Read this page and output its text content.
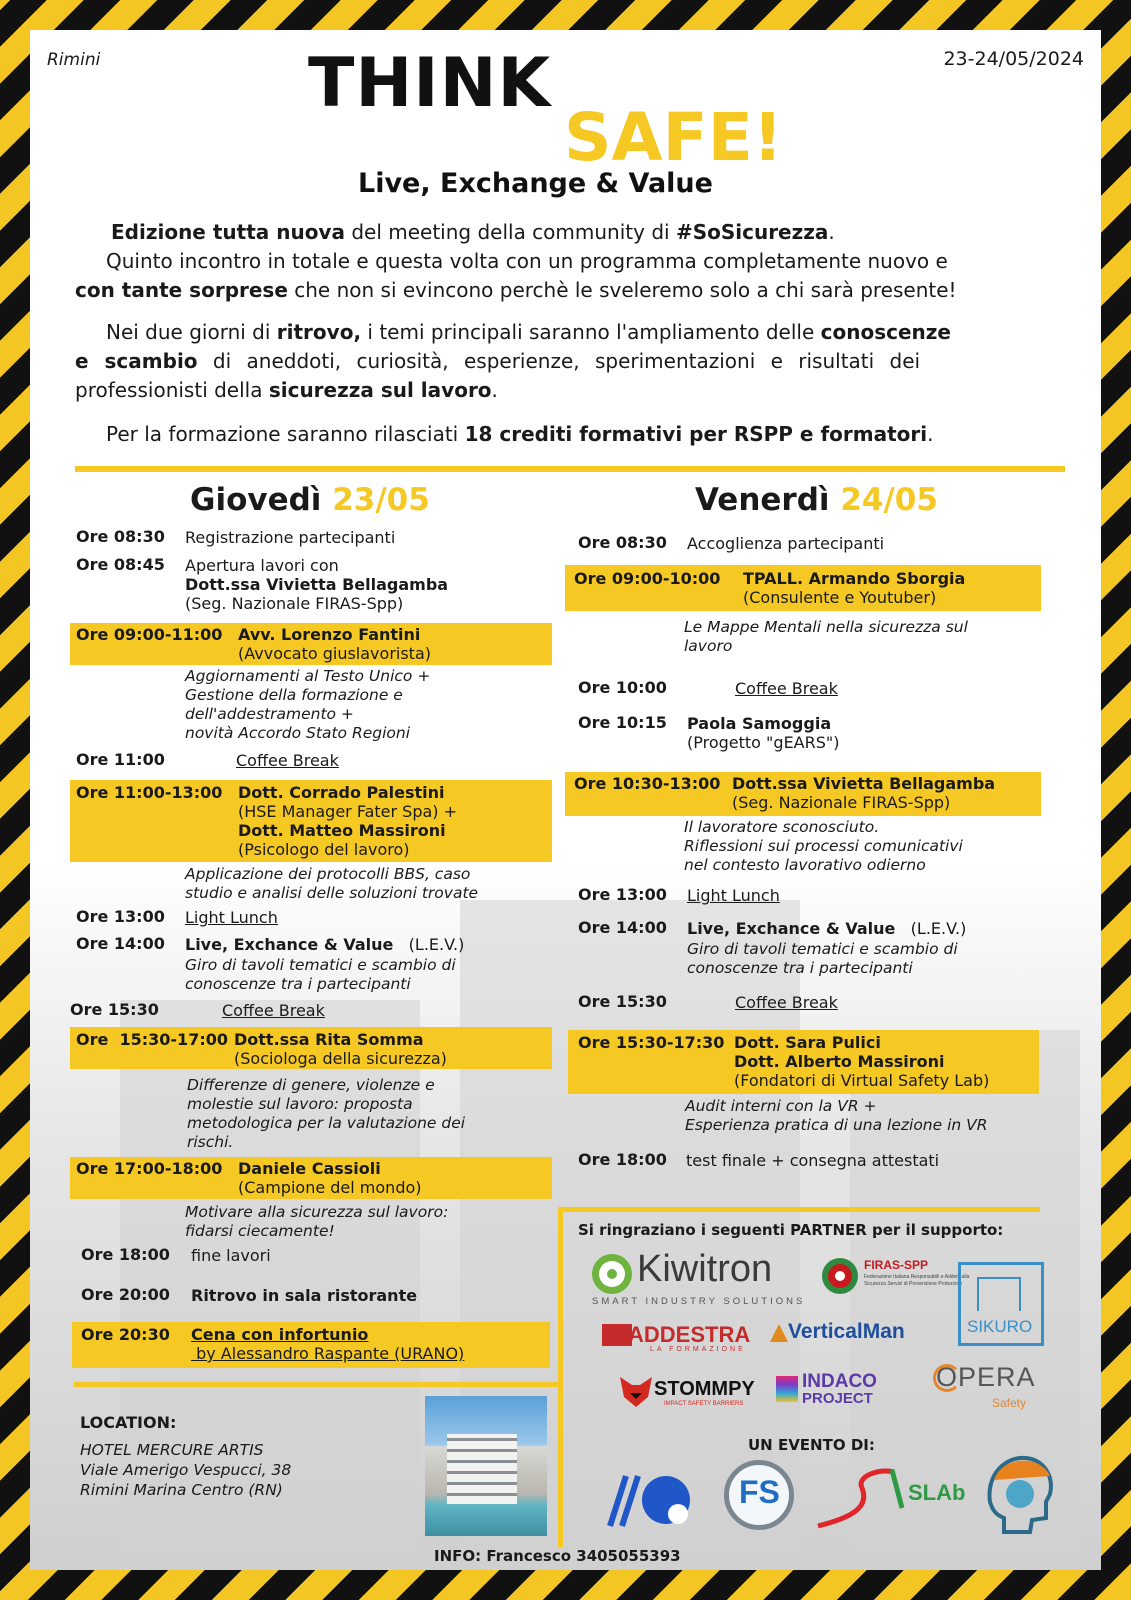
Rimini	23-24/05/2024
THINK
SAFE!
Live, Exchange & Value
Edizione tutta nuova del meeting della community di #SoSicurezza.
Quinto incontro in totale e questa volta con un programma completamente nuovo e
con tante sorprese che non si evincono perchè le sveleremo solo a chi sarà presente!
Nei due giorni di ritrovo, i temi principali saranno l'ampliamento delle conoscenze
e scambio di aneddoti, curiosità, esperienze, sperimentazioni e risultati dei
professionisti della sicurezza sul lavoro.
Per la formazione saranno rilasciati 18 crediti formativi per RSPP e formatori.
Giovedì 23/05
Ore 08:30 Registrazione partecipanti
Ore 08:45 Apertura lavori con
Dott.ssa Vivietta Bellagamba
(Seg. Nazionale FIRAS-Spp)
Ore 09:00-11:00 Avv. Lorenzo Fantini
(Avvocato giuslavorista)
Aggiornamenti al Testo Unico +
Gestione della formazione e
dell'addestramento +
novità Accordo Stato Regioni
Ore 11:00	Coffee Break
Ore 11:00-13:00 Dott. Corrado Palestini
(HSE Manager Fater Spa) +
Dott. Matteo Massironi
(Psicologo del lavoro)
Applicazione dei protocolli BBS, caso
studio e analisi delle soluzioni trovate
Ore 13:00 Light Lunch
Ore 14:00 Live, Exchance & Value (L.E.V.)
Giro di tavoli tematici e scambio di
conoscenze tra i partecipanti
Ore 15:30	Coffee Break
Ore  15:30-17:00 Dott.ssa Rita Somma
(Sociologa della sicurezza)
Differenze di genere, violenze e
molestie sul lavoro: proposta
metodologica per la valutazione dei
rischi.
Ore 17:00-18:00 Daniele Cassioli
(Campione del mondo)
Motivare alla sicurezza sul lavoro:
fidarsi ciecamente!
Ore 18:00 fine lavori
Ore 20:00 Ritrovo in sala ristorante
Ore 20:30 Cena con infortunio
by Alessandro Raspante (URANO)
Venerdì 24/05
Ore 08:30 Accoglienza partecipanti
Ore 09:00-10:00 TPALL. Armando Sborgia
(Consulente e Youtuber)
Le Mappe Mentali nella sicurezza sul
lavoro
Ore 10:00	Coffee Break
Ore 10:15 Paola Samoggia
(Progetto "gEARS")
Ore 10:30-13:00 Dott.ssa Vivietta Bellagamba
(Seg. Nazionale FIRAS-Spp)
Il lavoratore sconosciuto.
Riflessioni sui processi comunicativi
nel contesto lavorativo odierno
Ore 13:00 Light Lunch
Ore 14:00 Live, Exchance & Value (L.E.V.)
Giro di tavoli tematici e scambio di
conoscenze tra i partecipanti
Ore 15:30	Coffee Break
Ore 15:30-17:30 Dott. Sara Pulici
Dott. Alberto Massironi
(Fondatori di Virtual Safety Lab)
Audit interni con la VR +
Esperienza pratica di una lezione in VR
Ore 18:00 test finale + consegna attestati
Si ringraziano i seguenti PARTNER per il supporto:
Kiwitron
SMART INDUSTRY SOLUTIONS
FIRAS-SPP
Federazione Italiana Responsabili e Addetti alla Sicurezza Servizi di Prevenzione Protezione
SIKURO
ADDESTRA
LA FORMAZIONE
VerticalMan
STOMMPY
IMPACT SAFETY BARRIERS
INDACO
PROJECT
OPERA
Safety
UN EVENTO DI:
FS	SLAb
LOCATION:
HOTEL MERCURE ARTIS
Viale Amerigo Vespucci, 38
Rimini Marina Centro (RN)
INFO: Francesco 3405055393
